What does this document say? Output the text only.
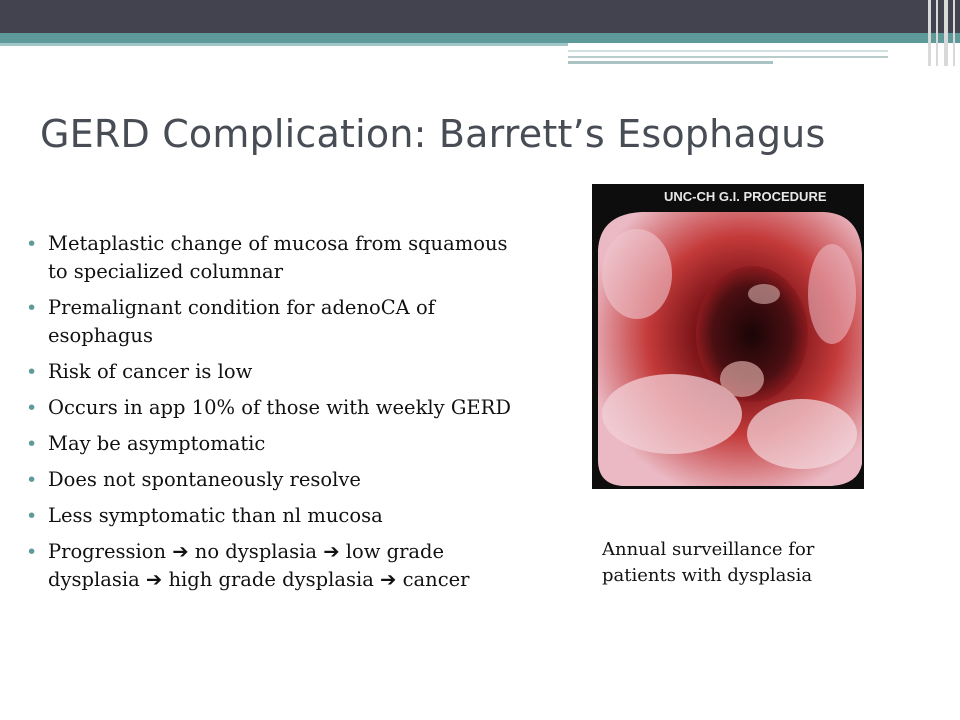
GERD Complication: Barrett’s Esophagus
• Metaplastic change of mucosa from squamous to specialized columnar
• Premalignant condition for adenoCA of esophagus
• Risk of cancer is low
• Occurs in app 10% of those with weekly GERD
• May be asymptomatic
• Does not spontaneously resolve
• Less symptomatic than nl mucosa
• Progression ➔ no dysplasia ➔ low grade dysplasia ➔ high grade dysplasia ➔ cancer
UNC-CH G.I. PROCEDURE
Annual surveillance for patients with dysplasia
